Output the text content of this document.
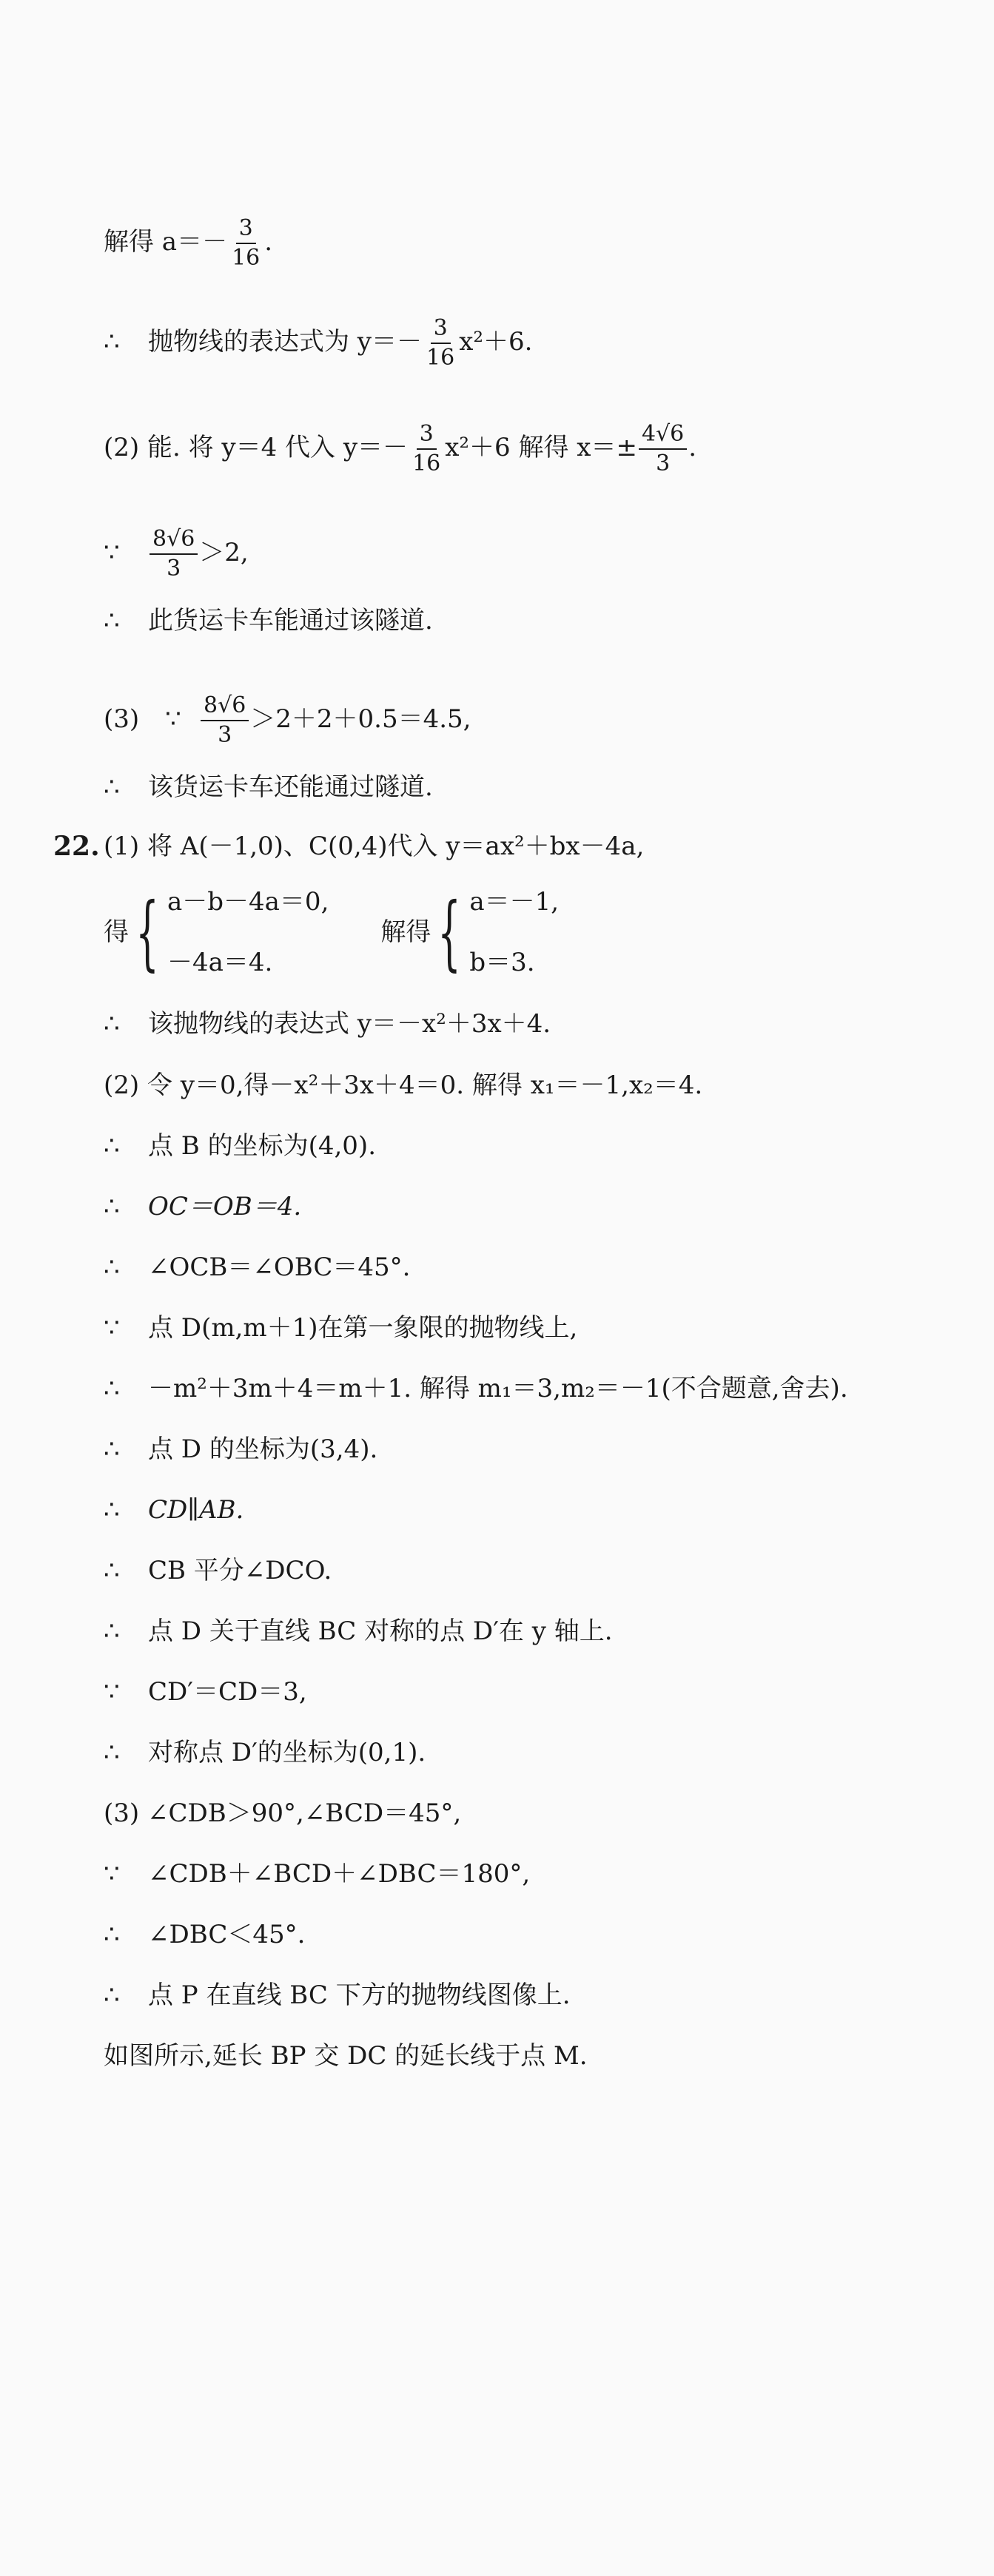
解得 $a=- \frac{3}{16}$ .
∴ 抛物线的表达式为 $y=- \frac{3}{16} x^2+6$.
(2) 能. 将 y＝4 代入 $y=- \frac{3}{16} x^2+6$ 解得 $x=\pm \frac{4√6}{3}$ .
∵ $\frac{8√6}{3} >2$,
∴ 此货运卡车能通过该隧道.
(3) ∵ $\frac{8√6}{3} >2+2+0.5=4.5$,
∴ 该货运卡车还能通过隧道.
22. (1) 将 A(－1,0)、C(0,4)代入 y＝ax²＋bx－4a,
得 { a－b－4a＝0,
－4a＝4.
解得 { a＝－1,
b＝3.
∴ 该抛物线的表达式 y＝－x²＋3x＋4.
(2) 令 y＝0,得－x²＋3x＋4＝0. 解得 x₁＝－1,x₂＝4.
∴ 点 B 的坐标为(4,0).
∴ OC＝OB＝4.
∴ ∠OCB＝∠OBC＝45°.
∵ 点 D(m,m＋1)在第一象限的抛物线上,
∴ －m²＋3m＋4＝m＋1. 解得 m₁＝3,m₂＝－1(不合题意,舍去).
∴ 点 D 的坐标为(3,4).
∴ CD∥AB.
∴ CB 平分∠DCO.
∴ 点 D 关于直线 BC 对称的点 D′在 y 轴上.
∵ CD′＝CD＝3,
∴ 对称点 D′的坐标为(0,1).
(3) ∠CDB＞90°,∠BCD＝45°,
∵ ∠CDB＋∠BCD＋∠DBC＝180°,
∴ ∠DBC＜45°.
∴ 点 P 在直线 BC 下方的抛物线图像上.
如图所示,延长 BP 交 DC 的延长线于点 M.
